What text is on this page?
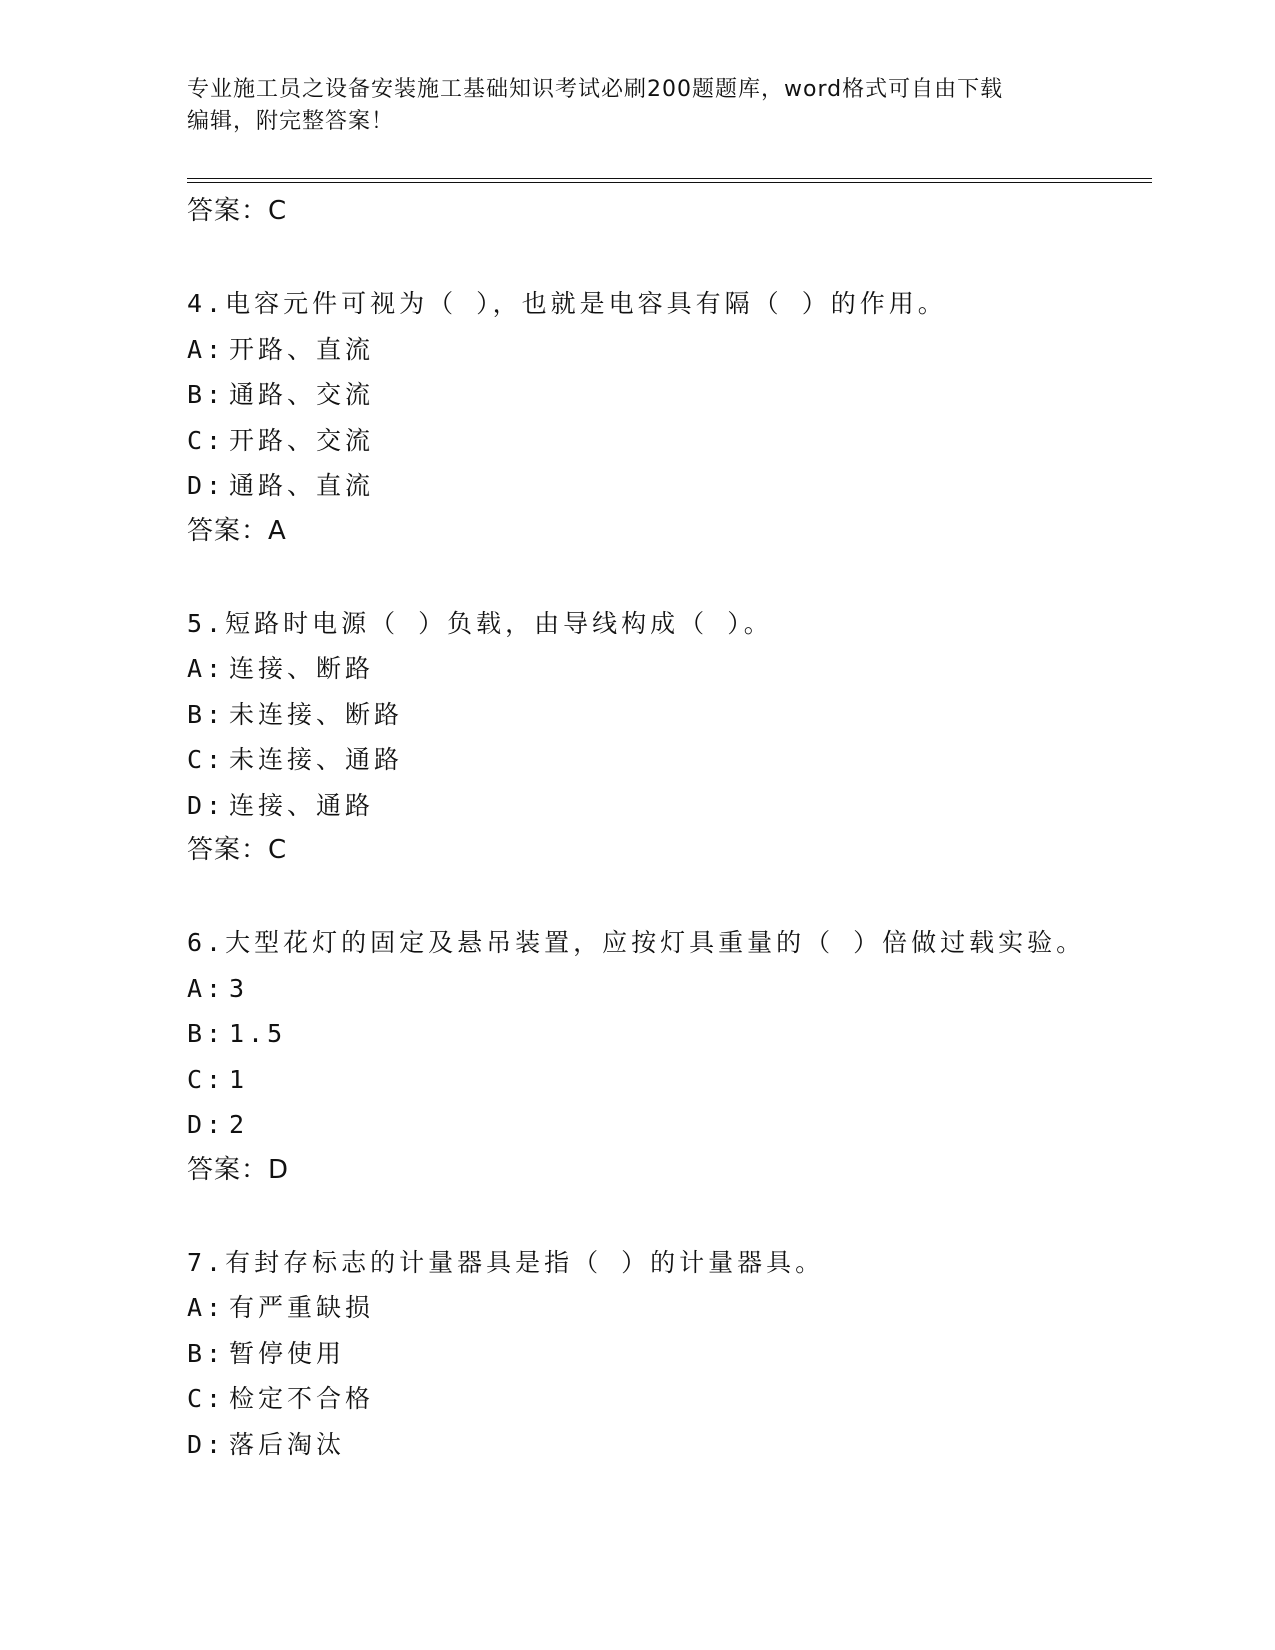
专业施工员之设备安装施工基础知识考试必刷200题题库，word格式可自由下载
编辑，附完整答案！
答案：C
4.电容元件可视为（ ），也就是电容具有隔（ ）的作用。
A: 开路、直流
B: 通路、交流
C: 开路、交流
D: 通路、直流
答案：A
5.短路时电源（ ）负载，由导线构成（ ）。
A: 连接、断路
B: 未连接、断路
C: 未连接、通路
D: 连接、通路
答案：C
6.大型花灯的固定及悬吊装置，应按灯具重量的（ ）倍做过载实验。
A: 3
B: 1.5
C: 1
D: 2
答案：D
7.有封存标志的计量器具是指（ ）的计量器具。
A: 有严重缺损
B: 暂停使用
C: 检定不合格
D: 落后淘汰
